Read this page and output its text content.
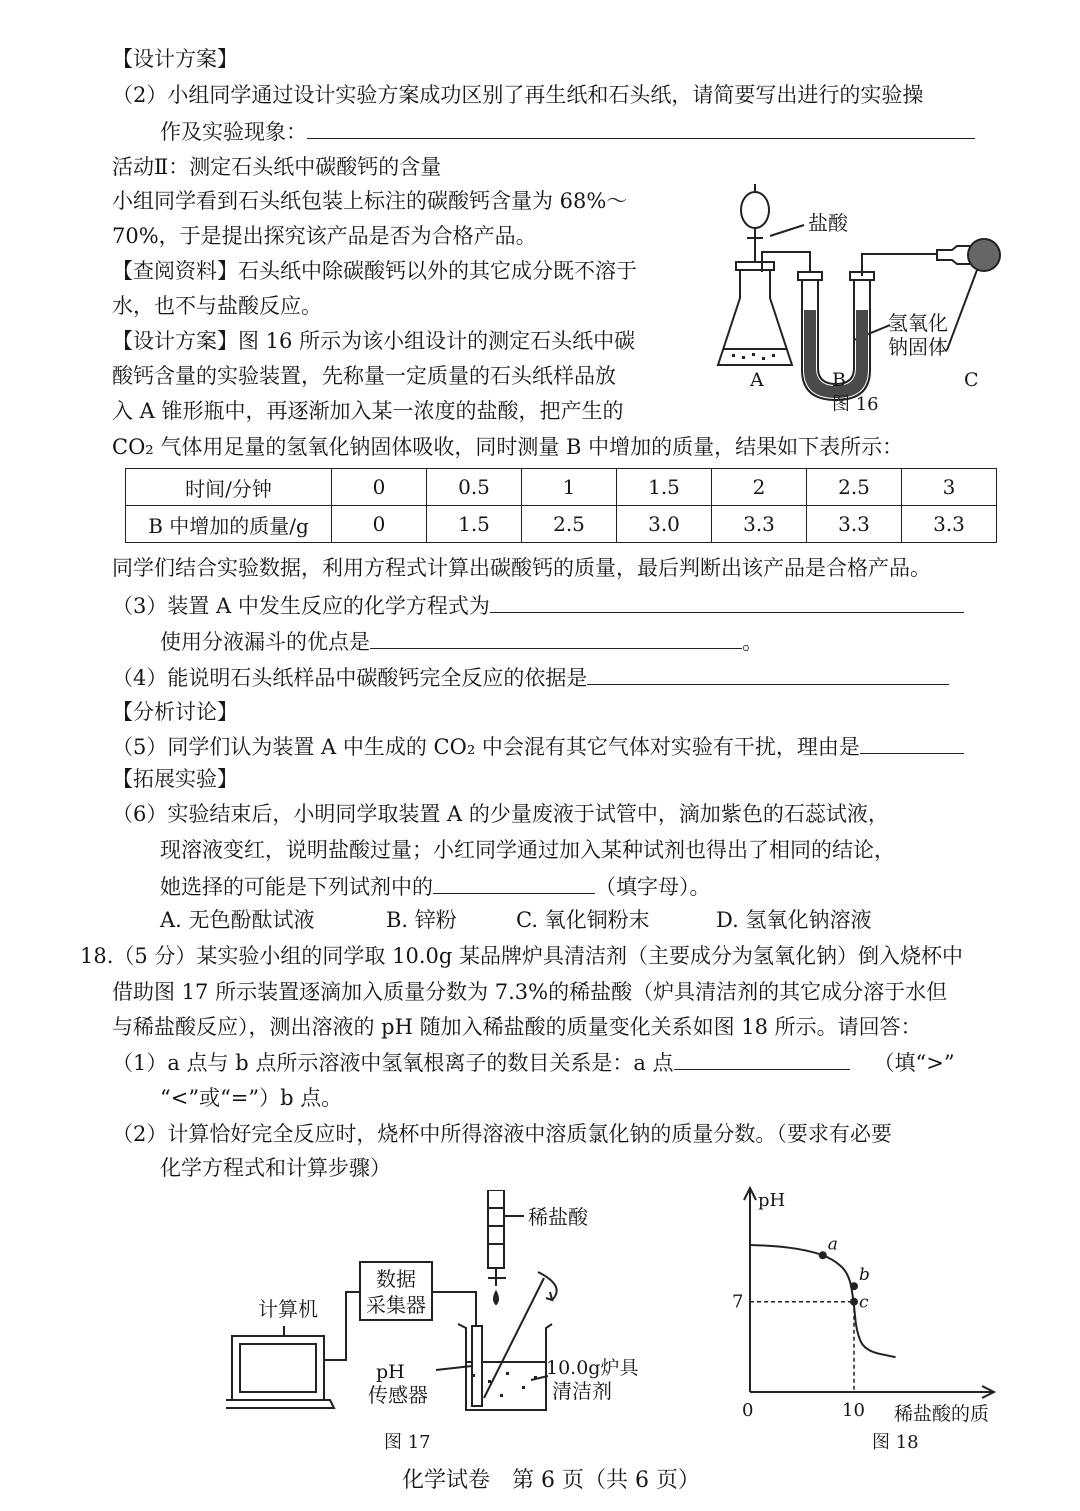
【设计方案】
（2）小组同学通过设计实验方案成功区别了再生纸和石头纸，请简要写出进行的实验操
作及实验现象：
活动Ⅱ：测定石头纸中碳酸钙的含量
小组同学看到石头纸包装上标注的碳酸钙含量为 68%～
70%，于是提出探究该产品是否为合格产品。
【查阅资料】石头纸中除碳酸钙以外的其它成分既不溶于
水，也不与盐酸反应。
【设计方案】图 16 所示为该小组设计的测定石头纸中碳
酸钙含量的实验装置，先称量一定质量的石头纸样品放
入 A 锥形瓶中，再逐渐加入某一浓度的盐酸，把产生的
CO₂ 气体用足量的氢氧化钠固体吸收，同时测量 B 中增加的质量，结果如下表所示：
盐酸
氢氧化
钠固体
A	B	C
图 16
时间/分钟	0	0.5	1	1.5	2	2.5	3
B 中增加的质量/g	0	1.5	2.5	3.0	3.3	3.3	3.3
同学们结合实验数据，利用方程式计算出碳酸钙的质量，最后判断出该产品是合格产品。
（3）装置 A 中发生反应的化学方程式为
使用分液漏斗的优点是	。
（4）能说明石头纸样品中碳酸钙完全反应的依据是
【分析讨论】
（5）同学们认为装置 A 中生成的 CO₂ 中会混有其它气体对实验有干扰，理由是
【拓展实验】
（6）实验结束后，小明同学取装置 A 的少量废液于试管中，滴加紫色的石蕊试液，
现溶液变红，说明盐酸过量；小红同学通过加入某种试剂也得出了相同的结论，
她选择的可能是下列试剂中的	（填字母）。
A. 无色酚酞试液	B. 锌粉	C. 氧化铜粉末	D. 氢氧化钠溶液
18.（5 分）某实验小组的同学取 10.0g 某品牌炉具清洁剂（主要成分为氢氧化钠）倒入烧杯中
借助图 17 所示装置逐滴加入质量分数为 7.3%的稀盐酸（炉具清洁剂的其它成分溶于水但
与稀盐酸反应），测出溶液的 pH 随加入稀盐酸的质量变化关系如图 18 所示。请回答：
（1）a 点与 b 点所示溶液中氢氧根离子的数目关系是：a 点	（填“>”
“<”或“=”）b 点。
（2）计算恰好完全反应时，烧杯中所得溶液中溶质氯化钠的质量分数。（要求有必要
化学方程式和计算步骤）
稀盐酸
数据
采集器
计算机
pH
传感器
10.0g炉具
清洁剂
图 17
pH
稀盐酸的质
7
0	10
a
b
c
图 18
化学试卷　第 6 页（共 6 页）
